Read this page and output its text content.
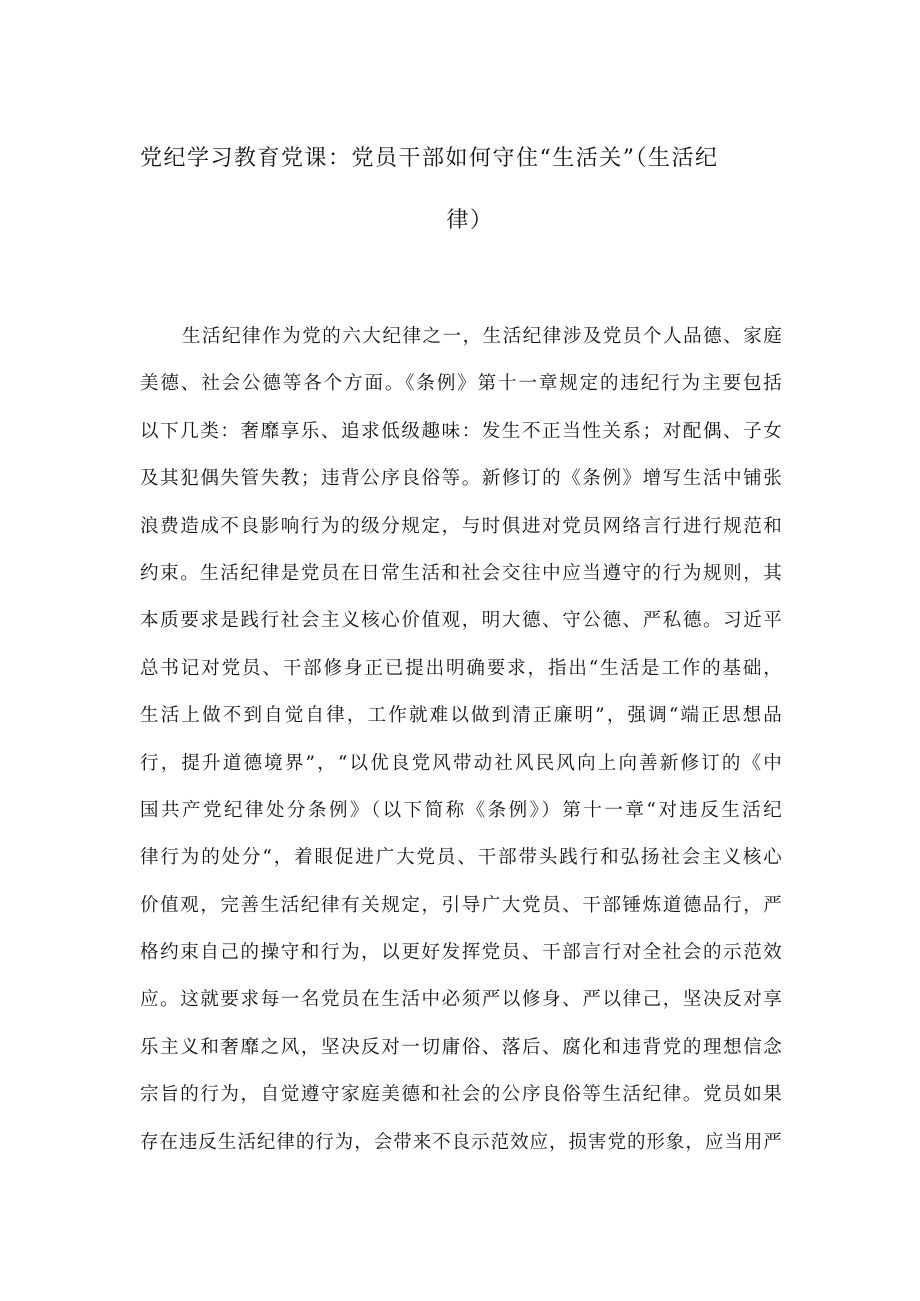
党纪学习教育党课：党员干部如何守住“生活关”（生活纪
律）
生活纪律作为党的六大纪律之一，生活纪律涉及党员个人品德、家庭
美德、社会公德等各个方面。《条例》第十一章规定的违纪行为主要包括
以下几类：奢靡享乐、追求低级趣味：发生不正当性关系；对配偶、子女
及其犯偶失管失教；违背公序良俗等。新修订的《条例》增写生活中铺张
浪费造成不良影响行为的级分规定，与时俱进对党员网络言行进行规范和
约束。生活纪律是党员在日常生活和社会交往中应当遵守的行为规则，其
本质要求是践行社会主义核心价值观，明大德、守公德、严私德。习近平
总书记对党员、干部修身正已提出明确要求，指出“生活是工作的基础，
生活上做不到自觉自律，工作就难以做到清正廉明”，强调“端正思想品
行，提升道德境界”，“以优良党风带动社风民风向上向善新修订的《中
国共产党纪律处分条例》（以下简称《条例》）第十一章“对违反生活纪
律行为的处分“，着眼促进广大党员、干部带头践行和弘扬社会主义核心
价值观，完善生活纪律有关规定，引导广大党员、干部锤炼道德品行，严
格约束自己的操守和行为，以更好发挥党员、干部言行对全社会的示范效
应。这就要求每一名党员在生活中必须严以修身、严以律己，坚决反对享
乐主义和奢靡之风，坚决反对一切庸俗、落后、腐化和违背党的理想信念
宗旨的行为，自觉遵守家庭美德和社会的公序良俗等生活纪律。党员如果
存在违反生活纪律的行为，会带来不良示范效应，损害党的形象，应当用严
